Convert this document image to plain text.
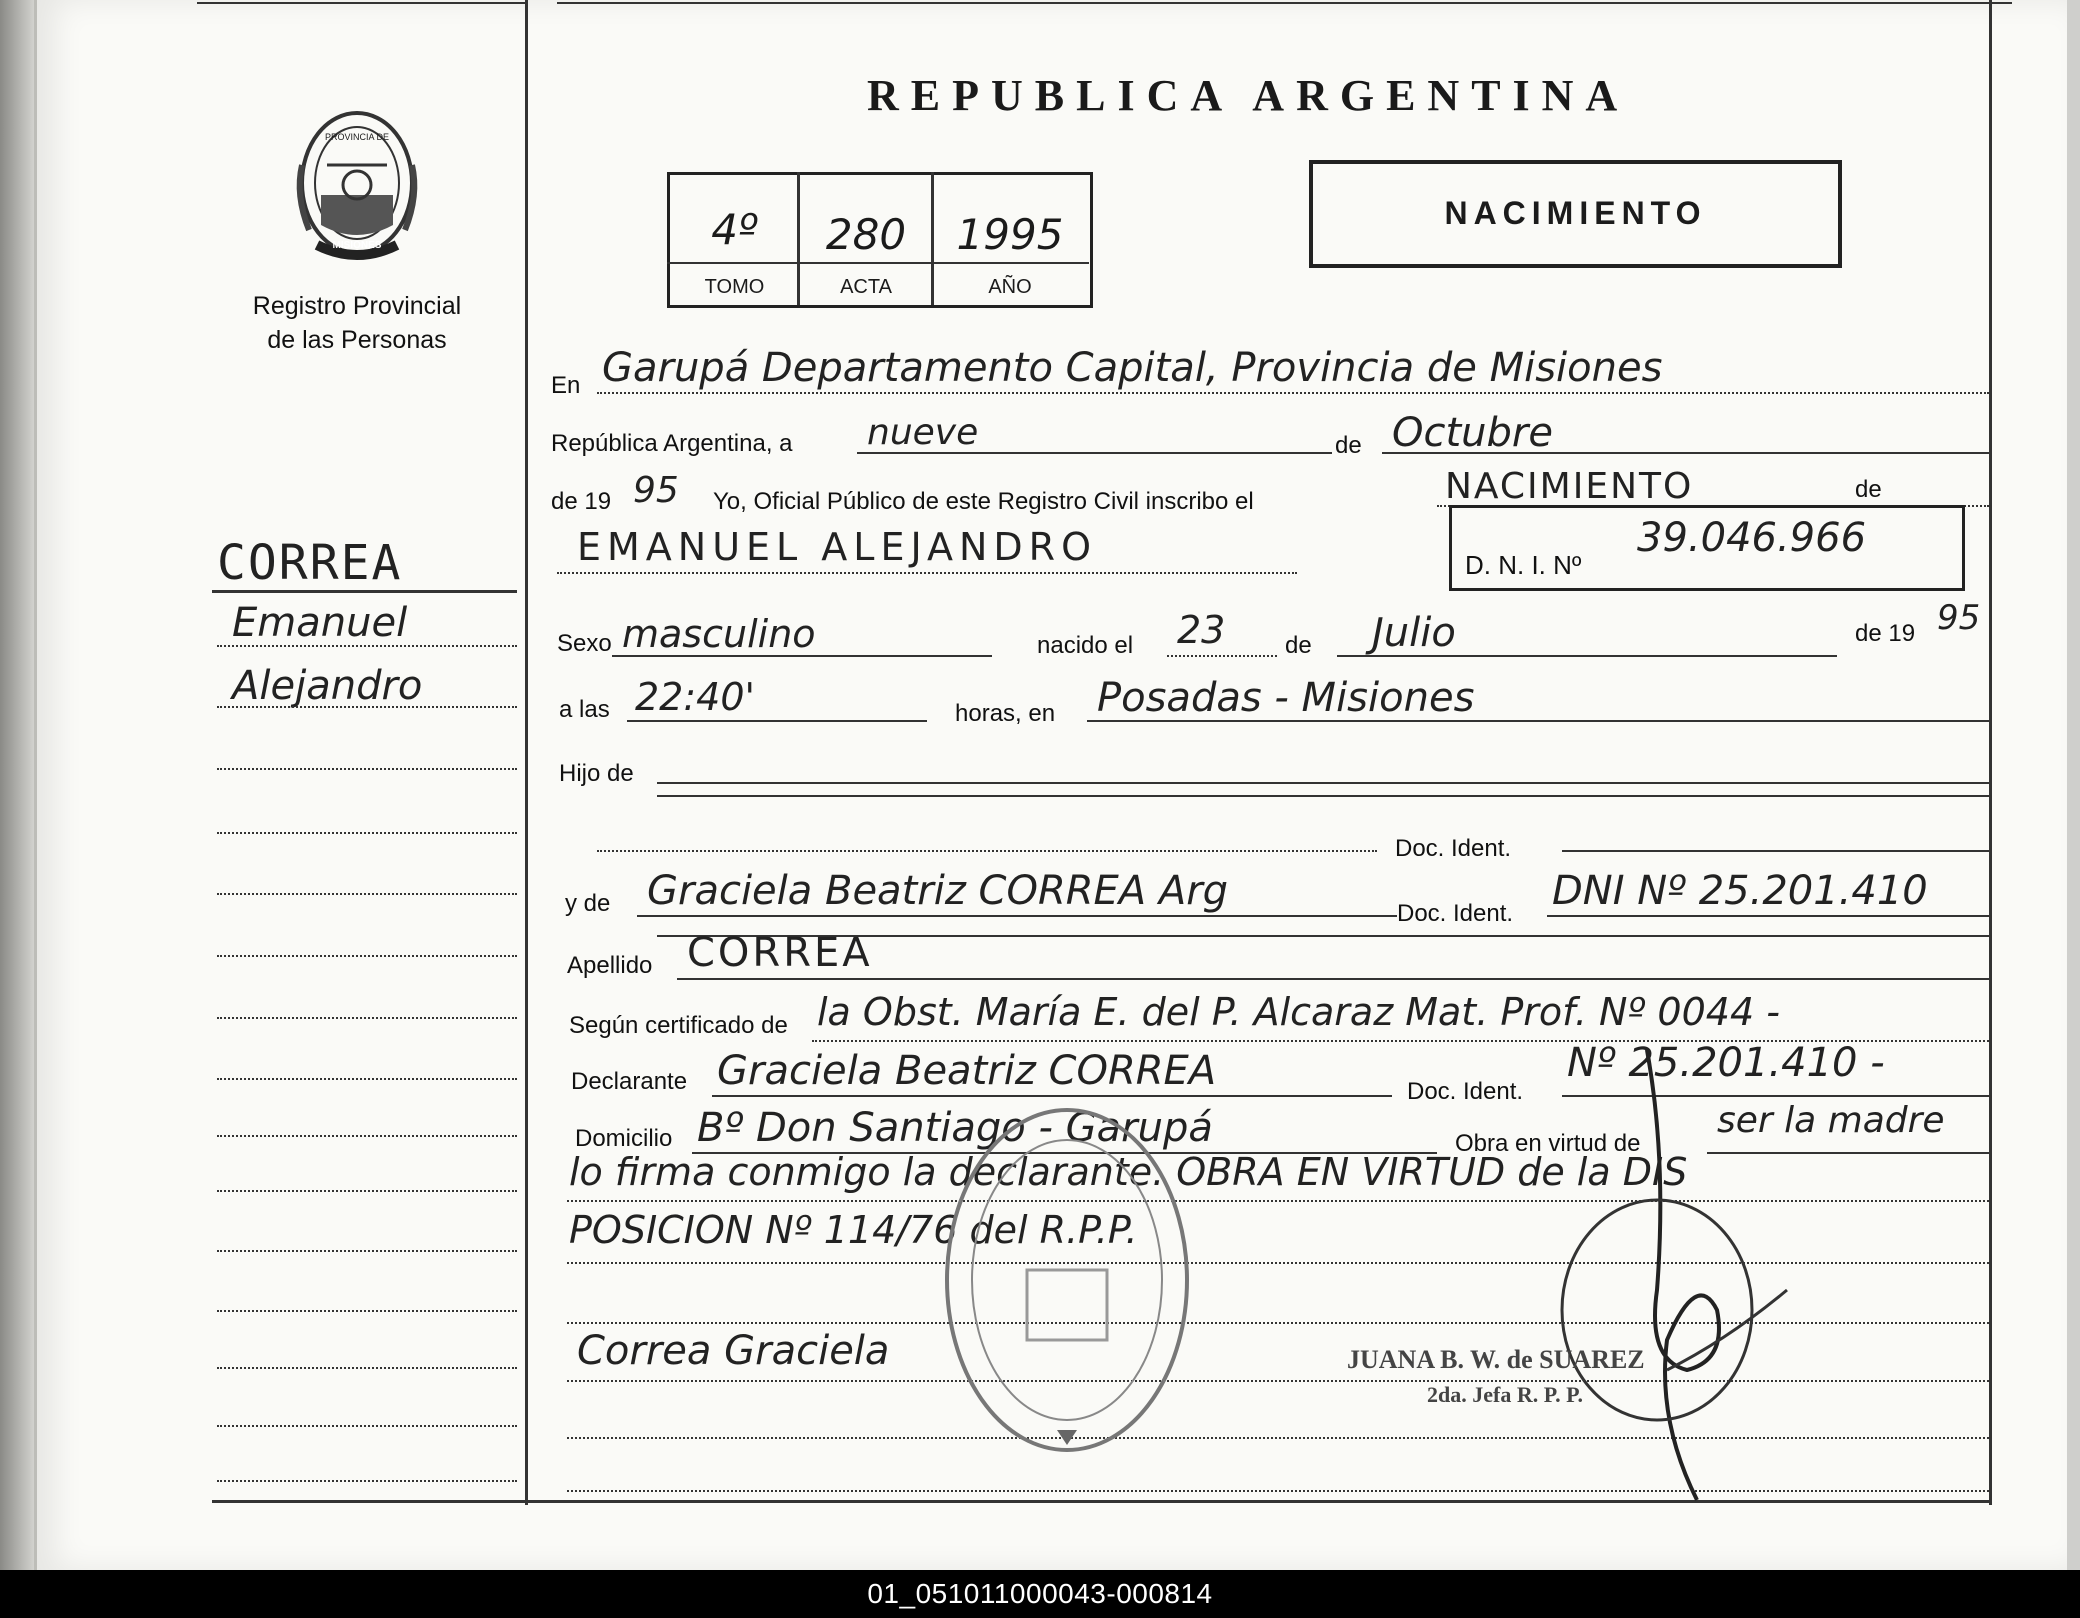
PROVINCIA DE
MISIONES
Registro Provincial
de las Personas
REPUBLICA ARGENTINA
4º	280	1995
TOMO	ACTA	AÑO
NACIMIENTO
CORREA
Emanuel
Alejandro
En Garupá Departamento Capital, Provincia de Misiones
República Argentina, a nueve	de Octubre
de 19 95 Yo, Oficial Público de este Registro Civil inscribo el	NACIMIENTO	de
EMANUEL ALEJANDRO	D. N. I. Nº
39.046.966
Sexo masculino	nacido el 23 de Julio	de 19 95
a las 22:40'	horas, en Posadas - Misiones
Hijo de
Doc. Ident.
y de Graciela Beatriz CORREA Arg	Doc. Ident. DNI Nº 25.201.410
Apellido CORREA
Según certificado de la Obst. María E. del P. Alcaraz Mat. Prof. Nº 0044 -
Declarante Graciela Beatriz CORREA	Doc. Ident.
Nº 25.201.410 -
Domicilio Bº Don Santiago - Garupá	Obra en virtud de
ser la madre
lo firma conmigo la declarante. OBRA EN VIRTUD de la DIS
POSICION Nº 114/76 del R.P.P.
Correa Graciela	JUANA B. W. de SUAREZ
2da. Jefa R. P. P.
01_051011000043-000814
